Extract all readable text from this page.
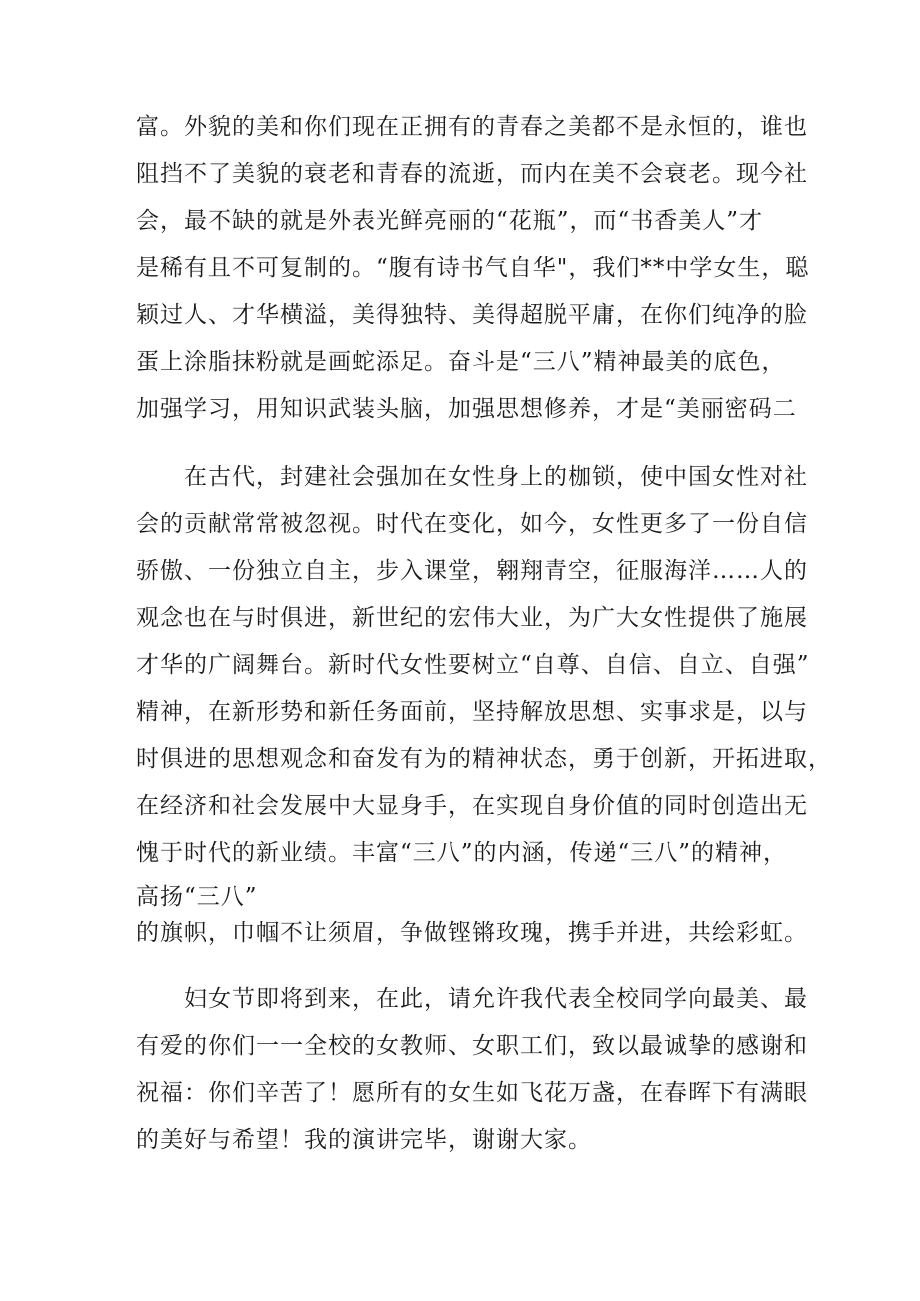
富。外貌的美和你们现在正拥有的青春之美都不是永恒的，谁也
阻挡不了美貌的衰老和青春的流逝，而内在美不会衰老。现今社
会，最不缺的就是外表光鲜亮丽的“花瓶”，而“书香美人”才
是稀有且不可复制的。“腹有诗书气自华"，我们**中学女生，聪
颖过人、才华横溢，美得独特、美得超脱平庸，在你们纯净的脸
蛋上涂脂抹粉就是画蛇添足。奋斗是“三八”精神最美的底色，
加强学习，用知识武装头脑，加强思想修养，才是“美丽密码二
在古代，封建社会强加在女性身上的枷锁，使中国女性对社
会的贡献常常被忽视。时代在变化，如今，女性更多了一份自信
骄傲、一份独立自主，步入课堂，翱翔青空，征服海洋……人的
观念也在与时俱进，新世纪的宏伟大业，为广大女性提供了施展
才华的广阔舞台。新时代女性要树立“自尊、自信、自立、自强”
精神，在新形势和新任务面前，坚持解放思想、实事求是，以与
时俱进的思想观念和奋发有为的精神状态，勇于创新，开拓进取，
在经济和社会发展中大显身手，在实现自身价值的同时创造出无
愧于时代的新业绩。丰富“三八”的内涵，传递“三八”的精神，
高扬“三八”
的旗帜，巾帼不让须眉，争做铿锵玫瑰，携手并进，共绘彩虹。
妇女节即将到来，在此，请允许我代表全校同学向最美、最
有爱的你们一一全校的女教师、女职工们，致以最诚挚的感谢和
祝福：你们辛苦了！愿所有的女生如飞花万盏，在春晖下有满眼
的美好与希望！我的演讲完毕，谢谢大家。
